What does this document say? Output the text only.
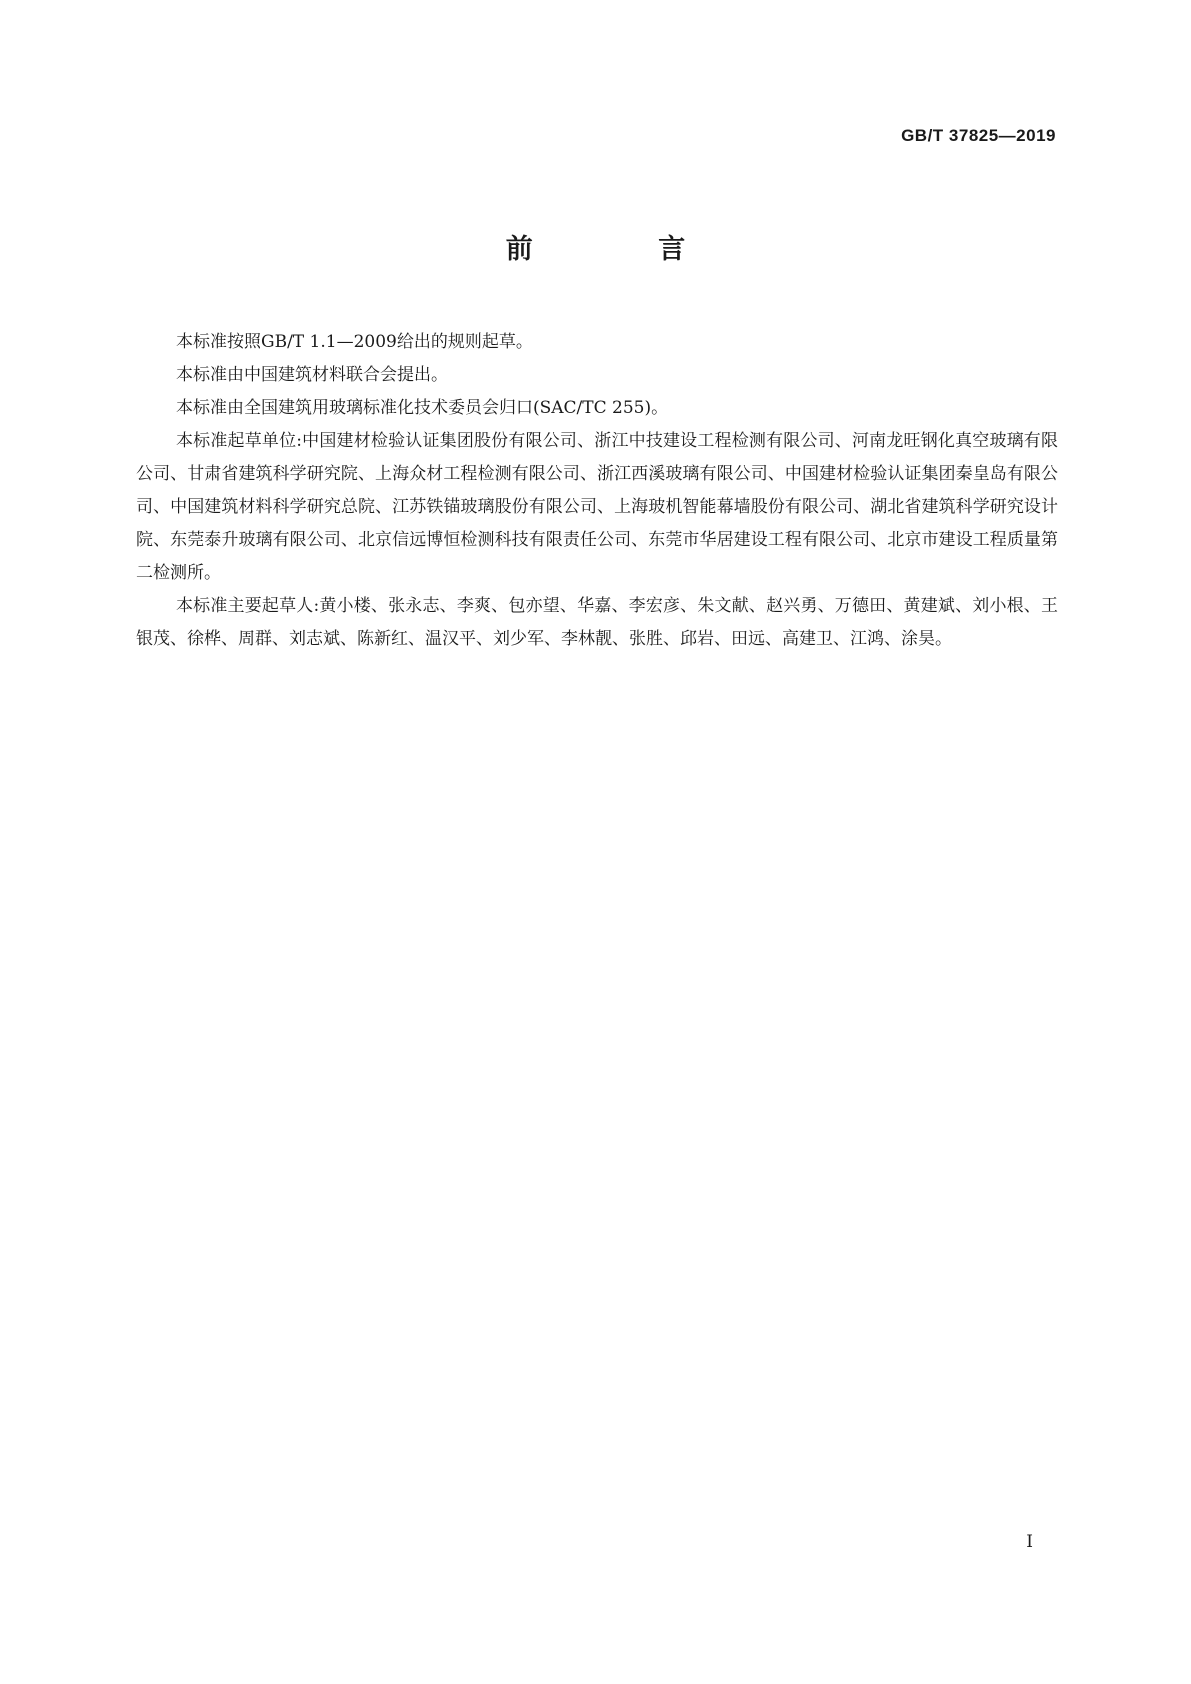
GB/T 37825—2019
前 言

本标准按照GB/T 1.1—2009给出的规则起草。

本标准由中国建筑材料联合会提出。

本标准由全国建筑用玻璃标准化技术委员会归口(SAC/TC 255)。

本标准起草单位:中国建材检验认证集团股份有限公司、浙江中技建设工程检测有限公司、河南龙旺钢化真空玻璃有限公司、甘肃省建筑科学研究院、上海众材工程检测有限公司、浙江西溪玻璃有限公司、中国建材检验认证集团秦皇岛有限公司、中国建筑材料科学研究总院、江苏铁锚玻璃股份有限公司、上海玻机智能幕墙股份有限公司、湖北省建筑科学研究设计院、东莞泰升玻璃有限公司、北京信远博恒检测科技有限责任公司、东莞市华居建设工程有限公司、北京市建设工程质量第二检测所。

本标准主要起草人:黄小楼、张永志、李爽、包亦望、华嘉、李宏彦、朱文献、赵兴勇、万德田、黄建斌、刘小根、王银茂、徐桦、周群、刘志斌、陈新红、温汉平、刘少军、李林靓、张胜、邱岩、田远、高建卫、江鸿、涂昊。

I
